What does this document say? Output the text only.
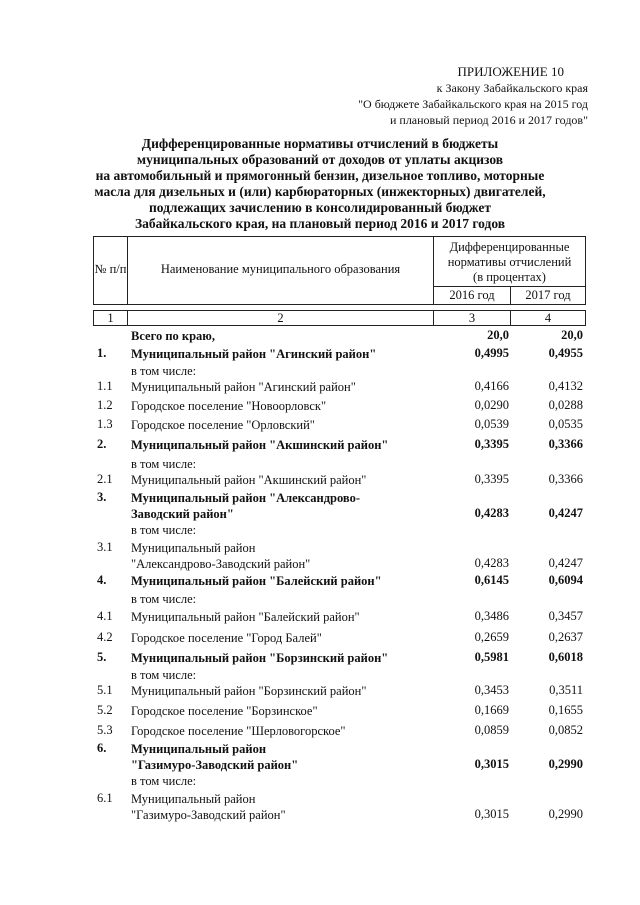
ПРИЛОЖЕНИЕ 10
к Закону Забайкальского края
"О бюджете Забайкальского края на 2015 год
и плановый период 2016 и 2017 годов"
Дифференцированные нормативы отчислений в бюджеты
муниципальных образований от доходов от уплаты акцизов
на автомобильный и прямогонный бензин, дизельное топливо, моторные
масла для дизельных и (или) карбюраторных (инжекторных) двигателей,
подлежащих зачислению в консолидированный бюджет
Забайкальского края, на плановый период 2016 и 2017 годов
№ п/п	Наименование муниципального образования
Дифференцированные
нормативы отчислений
(в процентах)
2016 год	2017 год
1	2	3	4
Всего по краю,	20,0	20,0
1. Муниципальный район "Агинский район"	0,4995	0,4955
в том числе:
1.1 Муниципальный район "Агинский район"	0,4166	0,4132
1.2 Городское поселение "Новоорловск"	0,0290	0,0288
1.3 Городское поселение "Орловский"	0,0539	0,0535
2. Муниципальный район "Акшинский район"	0,3395	0,3366
в том числе:
2.1 Муниципальный район "Акшинский район"	0,3395	0,3366
3. Муниципальный район "Александрово-
Заводский район"	0,4283	0,4247
в том числе:
3.1 Муниципальный район
"Александрово-Заводский район"	0,4283	0,4247
4. Муниципальный район "Балейский район"	0,6145	0,6094
в том числе:
4.1 Муниципальный район "Балейский район"	0,3486	0,3457
4.2 Городское поселение "Город Балей"	0,2659	0,2637
5. Муниципальный район "Борзинский район"	0,5981	0,6018
в том числе:
5.1 Муниципальный район "Борзинский район"	0,3453	0,3511
5.2 Городское поселение "Борзинское"	0,1669	0,1655
5.3 Городское поселение "Шерловогорское"	0,0859	0,0852
6. Муниципальный район
"Газимуро-Заводский район"	0,3015	0,2990
в том числе:
6.1 Муниципальный район
"Газимуро-Заводский район"	0,3015	0,2990
